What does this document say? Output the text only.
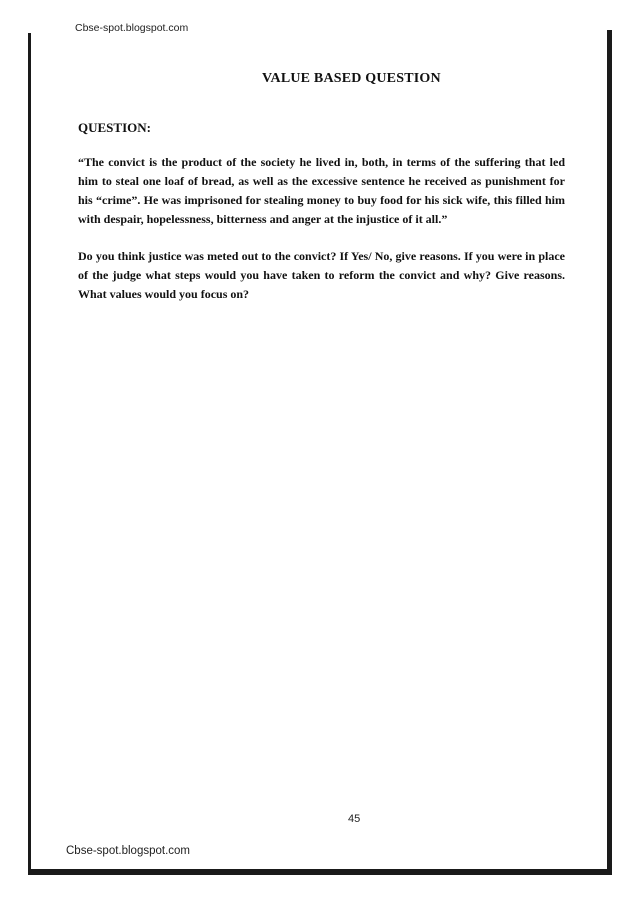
Cbse-spot.blogspot.com
VALUE BASED QUESTION
QUESTION:

“The convict is the product of the society he lived in, both, in terms of the suffering that led him to steal one loaf of bread, as well as the excessive sentence he received as punishment for his “crime”. He was imprisoned for stealing money to buy food for his sick wife, this filled him with despair, hopelessness, bitterness and anger at the injustice of it all.”

Do you think justice was meted out to the convict? If Yes/ No, give reasons. If you were in place of the judge what steps would you have taken to reform the convict and why? Give reasons. What values would you focus on?

45
Cbse-spot.blogspot.com
